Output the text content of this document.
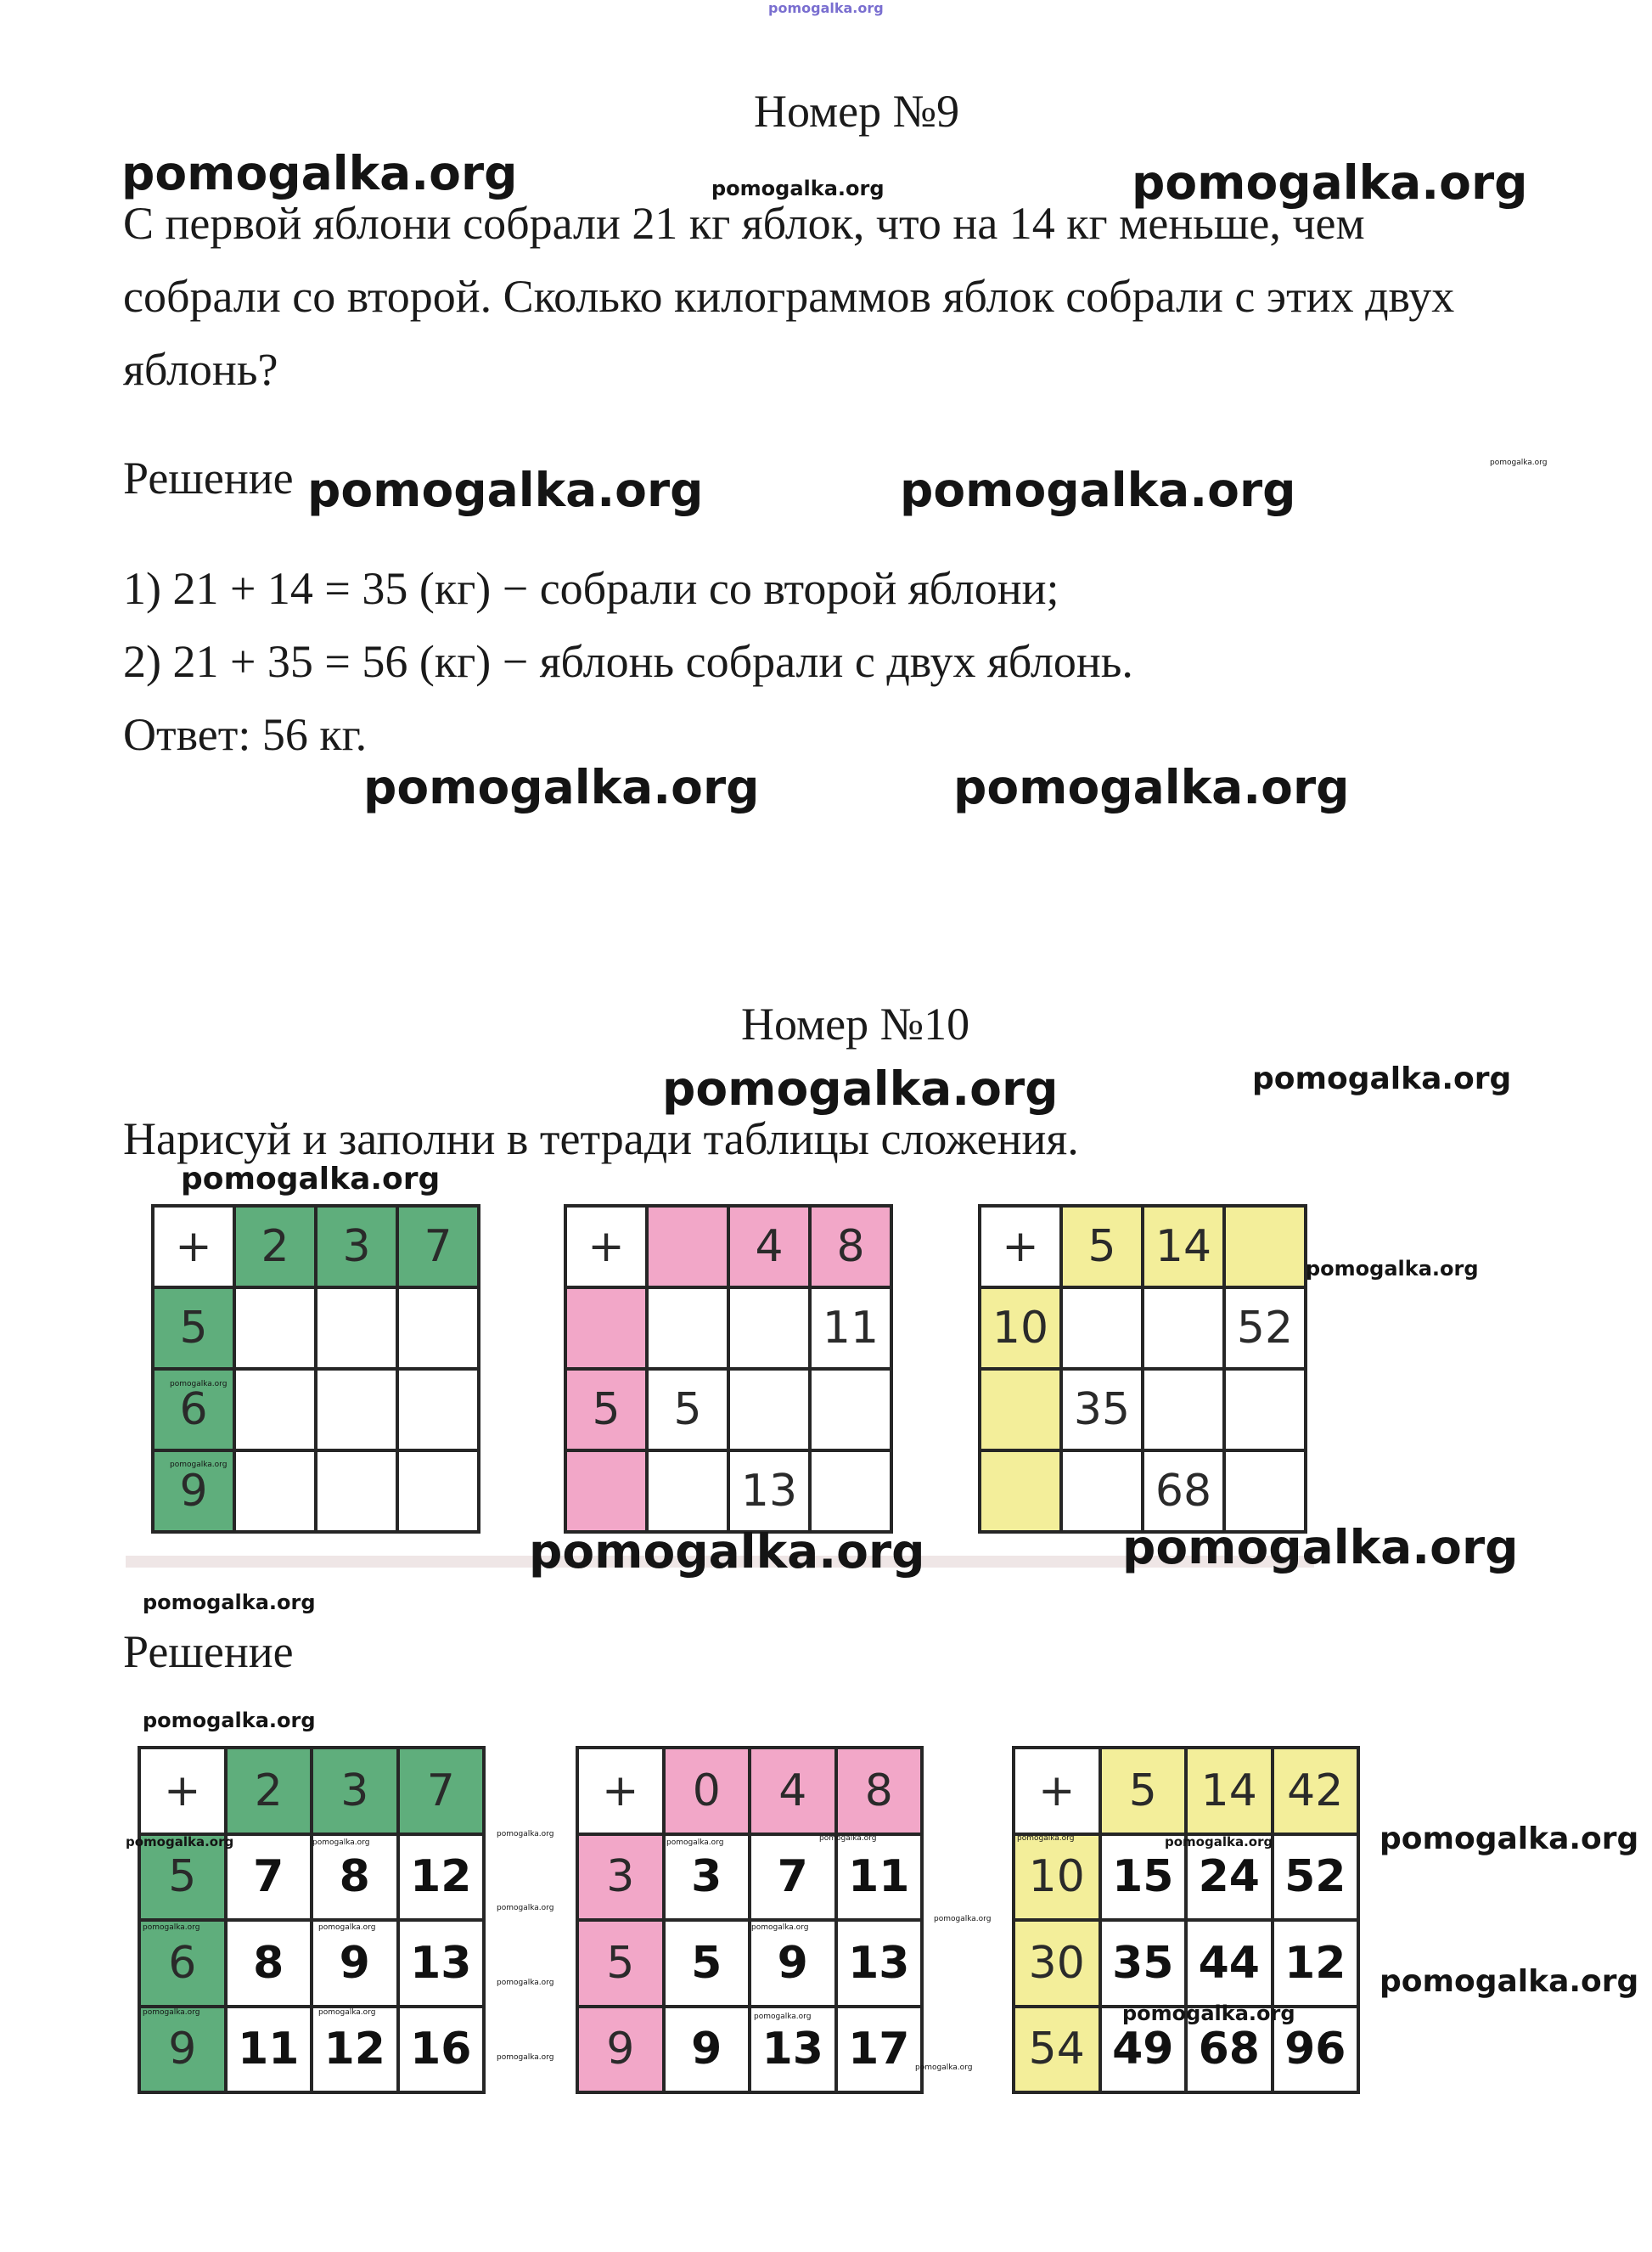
pomogalka.org
Номер №9
С первой яблони собрали 21 кг яблок, что на 14 кг меньше, чем
собрали со второй. Сколько килограммов яблок собрали с этих двух
яблонь?
Решение
1) 21 + 14 = 35 (кг) − собрали со второй яблони;
2) 21 + 35 = 56 (кг) − яблонь собрали с двух яблонь.
Ответ: 56 кг.
pomogalka.org	pomogalka.org	pomogalka.org
pomogalka.org	pomogalka.org	pomogalka.org
pomogalka.org	pomogalka.org
Номер №10
pomogalka.org	pomogalka.org
Нарисуй и заполни в тетради таблицы сложения.
pomogalka.org
+	2	3	7
5			
6			
9			
+		4	8
			11
5	5		
		13	
+	5	14	
10			52
	35		
		68	
pomogalka.org	pomogalka.org
pomogalka.org
pomogalka.org
pomogalka.org
pomogalka.org
Решение
pomogalka.org
+	2	3	7
5	7	8	12
6	8	9	13
9	11	12	16
+	0	4	8
3	3	7	11
5	5	9	13
9	9	13	17
+	5	14	42
10	15	24	52
30	35	44	12
54	49	68	96
pomogalka.org	pomogalka.org
pomogalka.org
pomogalka.org	pomogalka.org
pomogalka.org
pomogalka.org	pomogalka.org
pomogalka.org
pomogalka.org
pomogalka.org	pomogalka.org
pomogalka.org
pomogalka.org
pomogalka.org
pomogalka.org
pomogalka.org	pomogalka.org
pomogalka.org
pomogalka.org
pomogalka.org
